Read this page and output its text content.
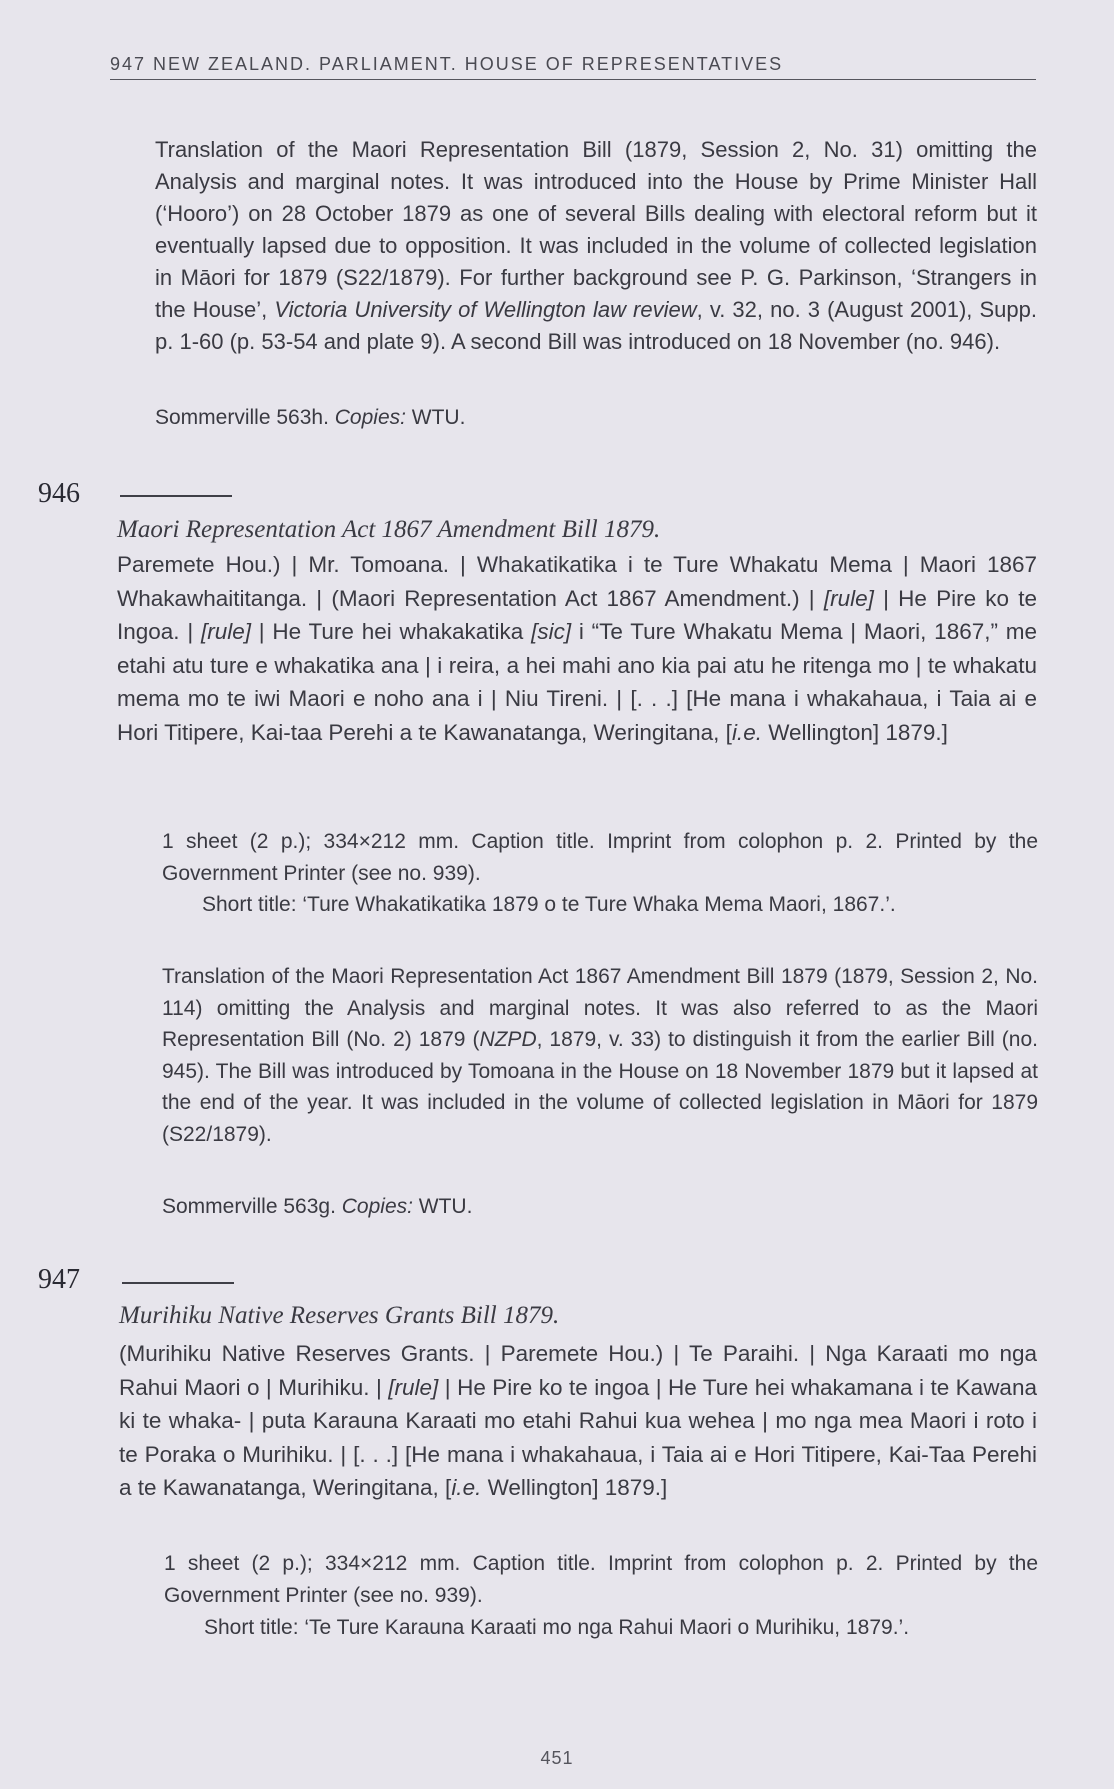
947 NEW ZEALAND. PARLIAMENT. HOUSE OF REPRESENTATIVES

Translation of the Maori Representation Bill (1879, Session 2, No. 31) omitting the Analysis and marginal notes. It was introduced into the House by Prime Minister Hall (‘Hooro’) on 28 October 1879 as one of several Bills dealing with electoral reform but it eventually lapsed due to opposition. It was included in the volume of collected legislation in Māori for 1879 (S22/1879). For further background see P. G. Parkinson, ‘Strangers in the House’, Victoria University of Wellington law review, v. 32, no. 3 (August 2001), Supp. p. 1-60 (p. 53-54 and plate 9). A second Bill was introduced on 18 November (no. 946).

Sommerville 563h. Copies: WTU.

946

Maori Representation Act 1867 Amendment Bill 1879.

Paremete Hou.) | Mr. Tomoana. | Whakatikatika i te Ture Whakatu Mema | Maori 1867 Whakawhaititanga. | (Maori Representation Act 1867 Amendment.) | [rule] | He Pire ko te Ingoa. | [rule] | He Ture hei whakakatika [sic] i “Te Ture Whakatu Mema | Maori, 1867,” me etahi atu ture e whakatika ana | i reira, a hei mahi ano kia pai atu he ritenga mo | te whakatu mema mo te iwi Maori e noho ana i | Niu Tireni. | [. . .] [He mana i whakahaua, i Taia ai e Hori Titipere, Kai-taa Perehi a te Kawanatanga, Weringitana, [i.e. Wellington] 1879.]

1 sheet (2 p.); 334×212 mm. Caption title. Imprint from colophon p. 2. Printed by the Government Printer (see no. 939).

Short title: ‘Ture Whakatikatika 1879 o te Ture Whaka Mema Maori, 1867.’.

Translation of the Maori Representation Act 1867 Amendment Bill 1879 (1879, Session 2, No. 114) omitting the Analysis and marginal notes. It was also referred to as the Maori Representation Bill (No. 2) 1879 (NZPD, 1879, v. 33) to distinguish it from the earlier Bill (no. 945). The Bill was introduced by Tomoana in the House on 18 November 1879 but it lapsed at the end of the year. It was included in the volume of collected legislation in Māori for 1879 (S22/1879).

Sommerville 563g. Copies: WTU.

947

Murihiku Native Reserves Grants Bill 1879.

(Murihiku Native Reserves Grants. | Paremete Hou.) | Te Paraihi. | Nga Karaati mo nga Rahui Maori o | Murihiku. | [rule] | He Pire ko te ingoa | He Ture hei whakamana i te Kawana ki te whaka- | puta Karauna Karaati mo etahi Rahui kua wehea | mo nga mea Maori i roto i te Poraka o Murihiku. | [. . .] [He mana i whakahaua, i Taia ai e Hori Titipere, Kai-Taa Perehi a te Kawanatanga, Weringitana, [i.e. Wellington] 1879.]

1 sheet (2 p.); 334×212 mm. Caption title. Imprint from colophon p. 2. Printed by the Government Printer (see no. 939).

Short title: ‘Te Ture Karauna Karaati mo nga Rahui Maori o Murihiku, 1879.’.

451
